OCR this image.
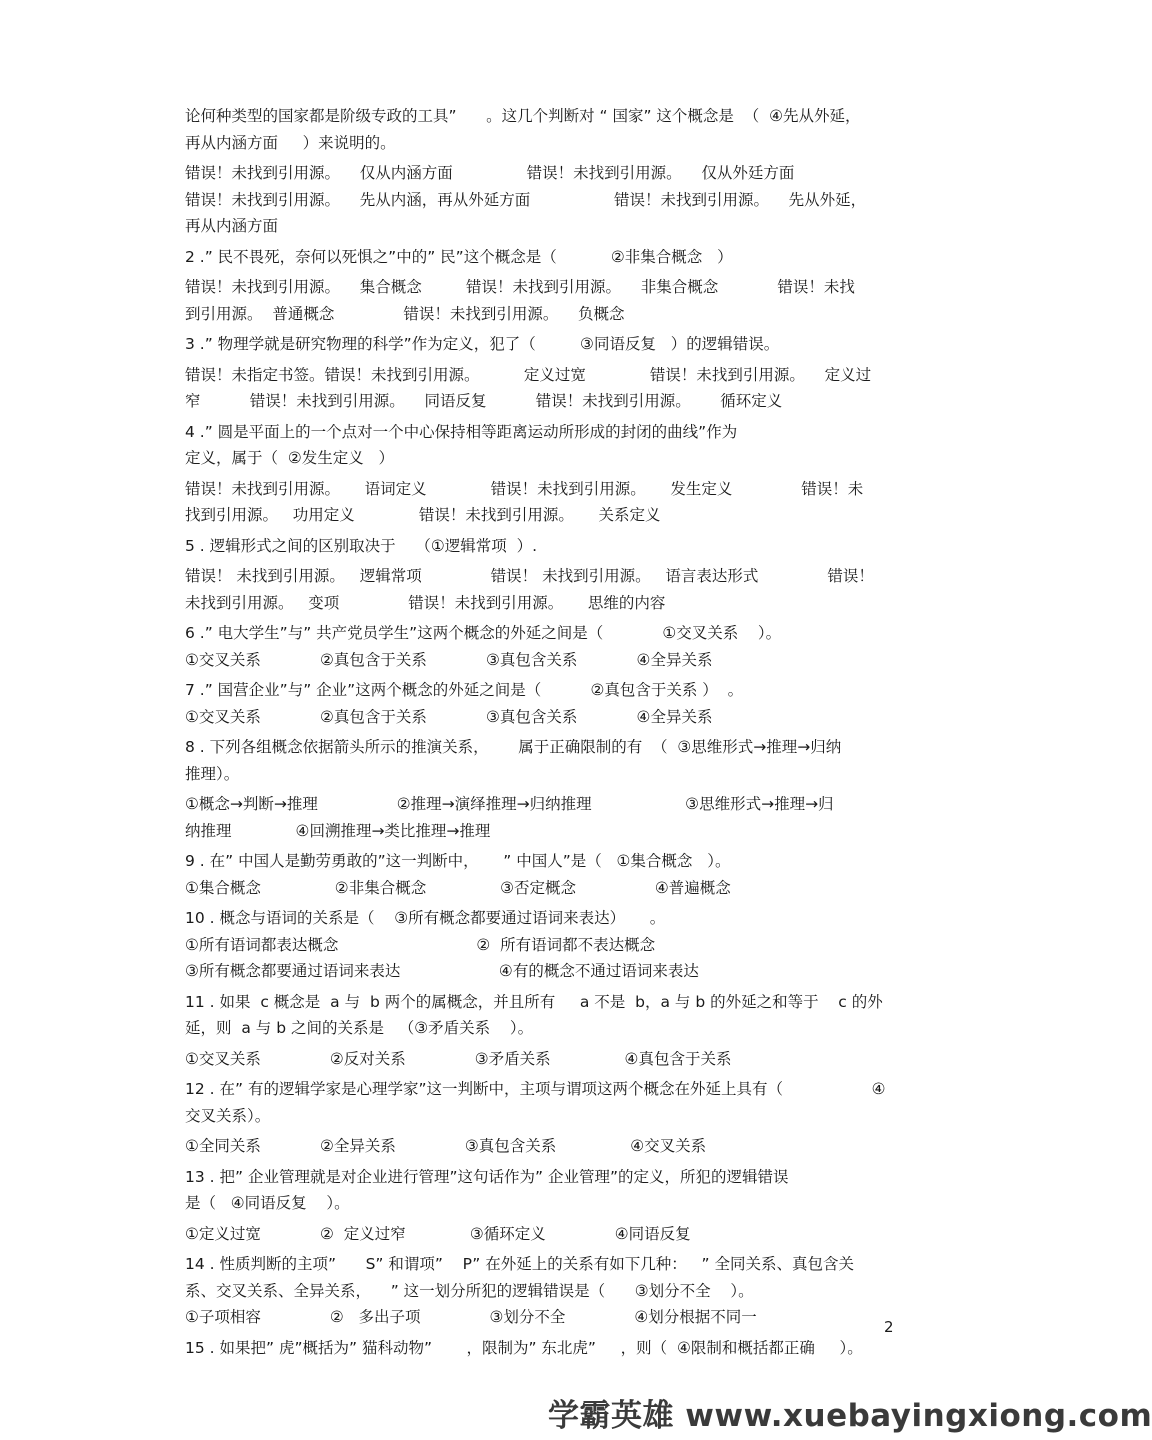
论何种类型的国家都是阶级专政的工具”      。这几个判断对 “ 国家” 这个概念是  （  ④先从外延，
再从内涵方面     ）来说明的。
错误！未找到引用源。    仅从内涵方面               错误！未找到引用源。    仅从外廷方面
错误！未找到引用源。    先从内涵，再从外延方面                 错误！未找到引用源。    先从外延，
再从内涵方面
2 .” 民不畏死，奈何以死惧之”中的” 民”这个概念是（           ②非集合概念   ）
错误！未找到引用源。    集合概念         错误！未找到引用源。    非集合概念            错误！未找
到引用源。  普通概念              错误！未找到引用源。    负概念
3 .” 物理学就是研究物理的科学”作为定义，犯了（         ③同语反复   ）的逻辑错误。
错误！未指定书签。错误！未找到引用源。         定义过宽             错误！未找到引用源。    定义过
窄          错误！未找到引用源。    同语反复          错误！未找到引用源。      循环定义
4 .” 圆是平面上的一个点对一个中心保持相等距离运动所形成的封闭的曲线”作为
定义，属于（  ②发生定义   ）
错误！未找到引用源。     语词定义             错误！未找到引用源。     发生定义              错误！未
找到引用源。   功用定义             错误！未找到引用源。     关系定义
5 . 逻辑形式之间的区别取决于    （①逻辑常项  ）.
错误！ 未找到引用源。   逻辑常项              错误！ 未找到引用源。   语言表达形式              错误！
未找到引用源。   变项              错误！未找到引用源。     思维的内容
6 .” 电大学生”与” 共产党员学生”这两个概念的外延之间是（            ①交叉关系    ）。
①交叉关系            ②真包含于关系            ③真包含关系            ④全异关系
7 .” 国营企业”与” 企业”这两个概念的外延之间是（          ②真包含于关系 ）  。
①交叉关系            ②真包含于关系            ③真包含关系            ④全异关系
8 . 下列各组概念依据箭头所示的推演关系，      属于正确限制的有  （  ③思维形式→推理→归纳
推理）。
①概念→判断→推理                ②推理→演绎推理→归纳推理                   ③思维形式→推理→归
纳推理             ④回溯推理→类比推理→推理
9 . 在” 中国人是勤劳勇敢的”这一判断中，     ” 中国人”是（   ①集合概念   ）。
①集合概念               ②非集合概念               ③否定概念                ④普遍概念
10 . 概念与语词的关系是（    ③所有概念都要通过语词来表达）     。
①所有语词都表达概念                            ②  所有语词都不表达概念
③所有概念都要通过语词来表达                    ④有的概念不通过语词来表达
11 . 如果  c 概念是  a 与  b 两个的属概念，并且所有     a 不是  b，a 与 b 的外延之和等于    c 的外
延，则  a 与 b 之间的关系是   （③矛盾关系    ）。
①交叉关系              ②反对关系              ③矛盾关系               ④真包含于关系
12 . 在” 有的逻辑学家是心理学家”这一判断中，主项与谓项这两个概念在外延上具有（                  ④
交叉关系）。
①全同关系            ②全异关系              ③真包含关系               ④交叉关系
13 . 把” 企业管理就是对企业进行管理”这句话作为” 企业管理”的定义，所犯的逻辑错误
是（   ④同语反复    ）。
①定义过宽            ②  定义过窄             ③循环定义              ④同语反复
14 . 性质判断的主项”      S” 和谓项”    P” 在外延上的关系有如下几种：   ” 全同关系、真包含关
系、交叉关系、全异关系，    ” 这一划分所犯的逻辑错误是（      ③划分不全    ）。
①子项相容              ②   多出子项              ③划分不全              ④划分根据不同一
15 . 如果把” 虎”概括为” 猫科动物”       ，限制为” 东北虎”     ，则（  ④限制和概括都正确     ）。
2
学霸英雄 www.xuebayingxiong.com
